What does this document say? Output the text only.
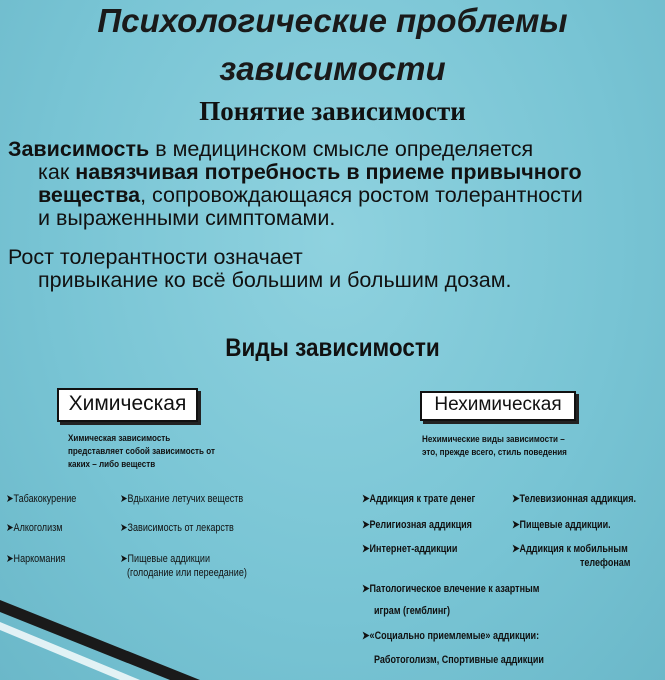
Психологические проблемы
зависимости
Понятие зависимости
Зависимость в медицинском смысле определяется
как навязчивая потребность в приеме привычного
вещества, сопровождающаяся ростом толерантности
и выраженными симптомами.
Рост толерантности означает
привыкание ко всё большим и большим дозам.
Виды зависимости
Химическая	Нехимическая
Химическая зависимость
представляет собой зависимость от
каких – либо веществ
Нехимические виды зависимости –
это, прежде всего, стиль поведения
➤Табакокурение
➤Алкоголизм
➤Наркомания
➤Вдыхание летучих веществ
➤Зависимость от лекарств
➤Пищевые аддикции
(голодание или переедание)
➤Аддикция к трате денег
➤Религиозная аддикция
➤Интернет-аддикции
➤Телевизионная аддикция.
➤Пищевые аддикции.
➤Аддикция к мобильным
телефонам
➤Патологическое влечение к азартным
играм (гемблинг)
➤«Социально приемлемые» аддикции:
Работоголизм, Спортивные аддикции
